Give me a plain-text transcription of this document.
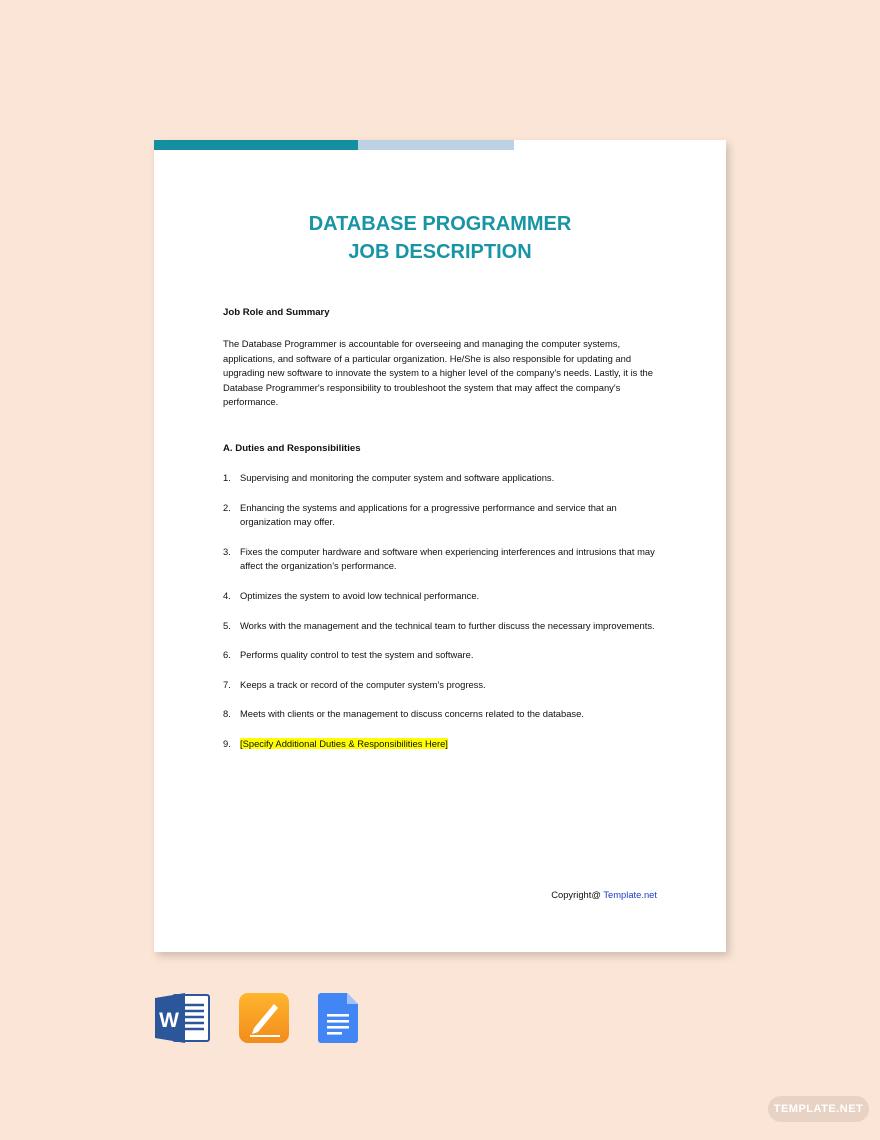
DATABASE PROGRAMMER
JOB DESCRIPTION
Job Role and Summary
The Database Programmer is accountable for overseeing and managing the computer systems, applications, and software of a particular organization. He/She is also responsible for updating and upgrading new software to innovate the system to a higher level of the company's needs. Lastly, it is the Database Programmer's responsibility to troubleshoot the system that may affect the company's performance.
A. Duties and Responsibilities
1. Supervising and monitoring the computer system and software applications.
2. Enhancing the systems and applications for a progressive performance and service that an organization may offer.
3. Fixes the computer hardware and software when experiencing interferences and intrusions that may affect the organization’s performance.
4. Optimizes the system to avoid low technical performance.
5. Works with the management and the technical team to further discuss the necessary improvements.
6. Performs quality control to test the system and software.
7. Keeps a track or record of the computer system's progress.
8. Meets with clients or the management to discuss concerns related to the database.
9. [Specify Additional Duties & Responsibilities Here]
Copyright@ Template.net
W
TEMPLATE.NET
